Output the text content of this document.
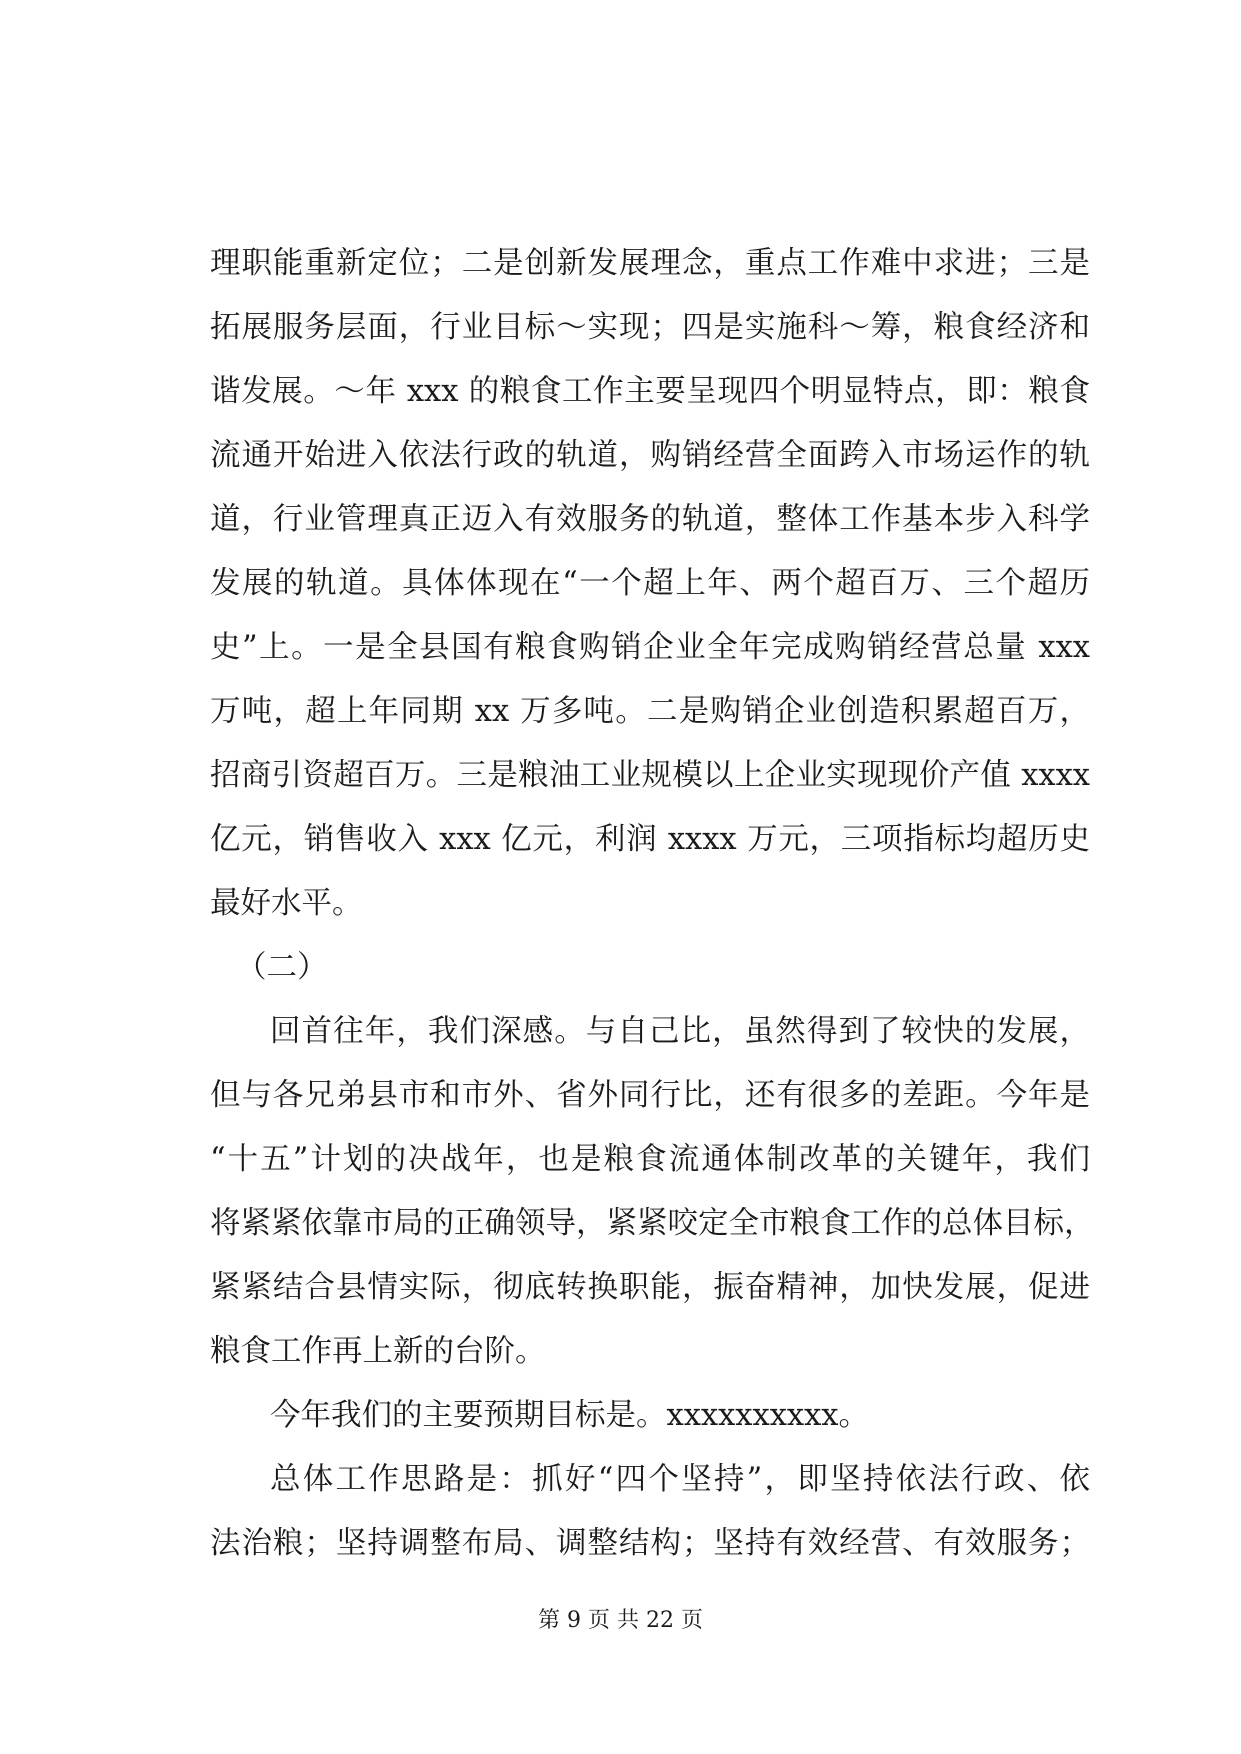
理职能重新定位；二是创新发展理念，重点工作难中求进；三是
拓展服务层面，行业目标～实现；四是实施科～筹，粮食经济和
谐发展。～年 xxx 的粮食工作主要呈现四个明显特点，即：粮食
流通开始进入依法行政的轨道，购销经营全面跨入市场运作的轨
道，行业管理真正迈入有效服务的轨道，整体工作基本步入科学
发展的轨道。具体体现在“一个超上年、两个超百万、三个超历
史”上。一是全县国有粮食购销企业全年完成购销经营总量 xxx
万吨，超上年同期 xx 万多吨。二是购销企业创造积累超百万，
招商引资超百万。三是粮油工业规模以上企业实现现价产值 xxxx
亿元，销售收入 xxx 亿元，利润 xxxx 万元，三项指标均超历史
最好水平。
（二）
回首往年，我们深感。与自己比，虽然得到了较快的发展，
但与各兄弟县市和市外、省外同行比，还有很多的差距。今年是
“十五”计划的决战年，也是粮食流通体制改革的关键年，我们
将紧紧依靠市局的正确领导，紧紧咬定全市粮食工作的总体目标，
紧紧结合县情实际，彻底转换职能，振奋精神，加快发展，促进
粮食工作再上新的台阶。
今年我们的主要预期目标是。xxxxxxxxxx。
总体工作思路是：抓好“四个坚持”，即坚持依法行政、依
法治粮；坚持调整布局、调整结构；坚持有效经营、有效服务；
第 9 页 共 22 页
